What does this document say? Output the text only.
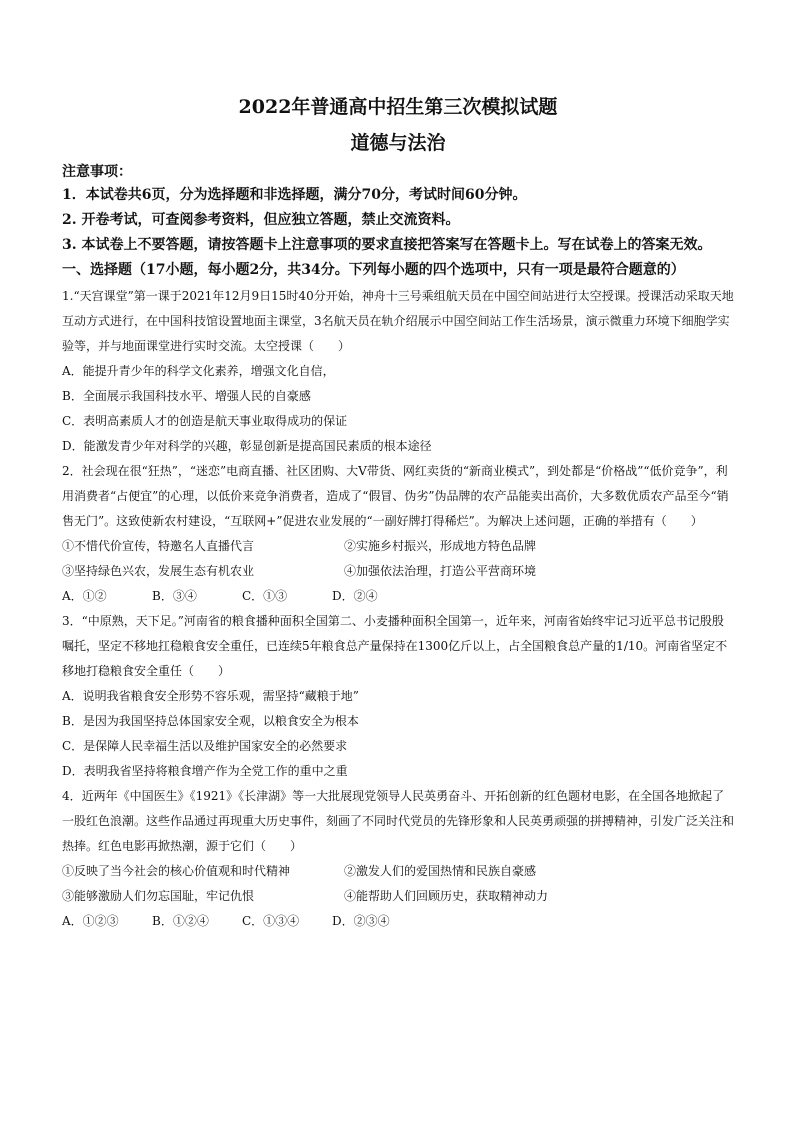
2022年普通高中招生第三次模拟试题
道德与法治
注意事项：
1．本试卷共6页，分为选择题和非选择题，满分70分，考试时间60分钟。
2. 开卷考试，可查阅参考资料，但应独立答题，禁止交流资料。
3. 本试卷上不要答题，请按答题卡上注意事项的要求直接把答案写在答题卡上。写在试卷上的答案无效。
一、选择题（17小题，每小题2分，共34分。下列每小题的四个选项中，只有一项是最符合题意的）
1.“天宫课堂”第一课于2021年12月9日15时40分开始，神舟十三号乘组航天员在中国空间站进行太空授课。授课活动采取天地互动方式进行，在中国科技馆设置地面主课堂，3名航天员在轨介绍展示中国空间站工作生活场景，演示微重力环境下细胞学实验等，并与地面课堂进行实时交流。太空授课（　　）
A．能提升青少年的科学文化素养，增强文化自信，
B．全面展示我国科技水平、增强人民的自豪感
C．表明高素质人才的创造是航天事业取得成功的保证
D．能激发青少年对科学的兴趣，彰显创新是提高国民素质的根本途径
2．社会现在很“狂热”，“迷恋”电商直播、社区团购、大V带货、网红卖货的“新商业模式”，到处都是“价格战”“低价竞争”，利用消费者“占便宜”的心理，以低价来竞争消费者，造成了“假冒、伪劣”伪品牌的农产品能卖出高价，大多数优质农产品至今“销售无门”。这致使新农村建设，“互联网+”促进农业发展的“一副好牌打得稀烂”。为解决上述问题，正确的举措有（　　）
①不惜代价宣传，特邀名人直播代言	②实施乡村振兴，形成地方特色品牌
③坚持绿色兴农，发展生态有机农业	④加强依法治理，打造公平营商环境
A．①②	B．③④	C．①③	D．②④
3．“中原熟，天下足。”河南省的粮食播种面积全国第二、小麦播种面积全国第一，近年来，河南省始终牢记习近平总书记殷殷嘱托，坚定不移地扛稳粮食安全重任，已连续5年粮食总产量保持在1300亿斤以上，占全国粮食总产量的1/10。河南省坚定不移地打稳粮食安全重任（　　）
A．说明我省粮食安全形势不容乐观，需坚持“藏粮于地”
B．是因为我国坚持总体国家安全观，以粮食安全为根本
C．是保障人民幸福生活以及维护国家安全的必然要求
D．表明我省坚持将粮食增产作为全党工作的重中之重
4．近两年《中国医生》《1921》《长津湖》等一大批展现党领导人民英勇奋斗、开拓创新的红色题材电影，在全国各地掀起了一股红色浪潮。这些作品通过再现重大历史事件，刻画了不同时代党员的先锋形象和人民英勇顽强的拼搏精神，引发广泛关注和热捧。红色电影再掀热潮，源于它们（　　）
①反映了当今社会的核心价值观和时代精神	②激发人们的爱国热情和民族自豪感
③能够激励人们勿忘国耻，牢记仇恨	④能帮助人们回顾历史，获取精神动力
A．①②③	B．①②④	C．①③④	D．②③④
